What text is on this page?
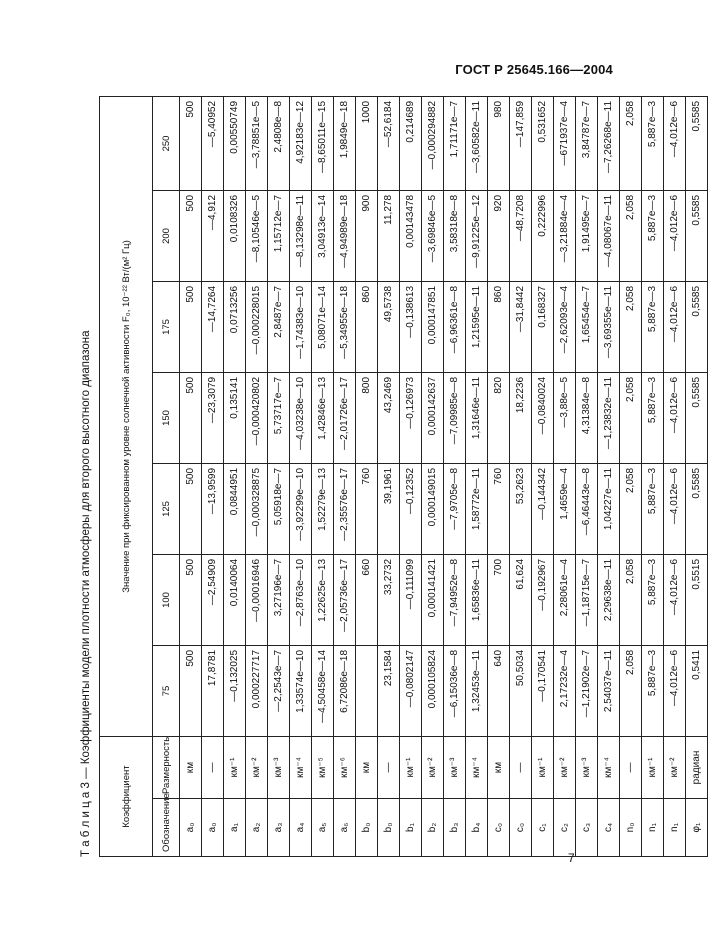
ГОСТ Р 25645.166—2004
Т а б л и ц а 3 — Коэффициенты модели плотности атмосферы для второго высотного диапазона	Коэффициент		Значение при фиксированном уровне солнечной активности F₀, 10⁻²² Вт/(м² Гц)						
Обозначение	Размерность	75	100	125	150	175	200	250
a₀	км	500	500	500	500	500	500	500
a₀	—	17,8781	—2,54909	—13,9599	—23,3079	—14,7264	—4,912	—5,40952
a₁	км⁻¹	—0,132025	0,0140064	0,0844951	0,135141	0,0713256	0,0108326	0,00550749
a₂	км⁻²	0,000227717	—0,00016946	—0,000328875	—0,000420802	—0,000228015	—8,10546e—5	—3,78851e—5
a₃	км⁻³	—2,2543e—7	3,27196e—7	5,05918e—7	5,73717e—7	2,8487e—7	1,15712e—7	2,4808e—8
a₄	км⁻⁴	1,33574e—10	—2,8763e—10	—3,92299e—10	—4,03238e—10	—1,74383e—10	—8,13298e—11	4,92183e—12
a₅	км⁻⁵	—4,50458e—14	1,22625e—13	1,52279e—13	1,42846e—13	5,08071e—14	3,04913e—14	—8,65011e—15
a₆	км⁻⁶	6,72086e—18	—2,05736e—17	—2,35576e—17	—2,01726e—17	—5,34955e—18	—4,94989e—18	1,9849e—18
b₀	км		660	760	800	860	900	1000
b₀	—	23,1584	33,2732	39,1961	43,2469	49,5738	11,278	—52,6184
b₁	км⁻¹	—0,0802147	—0,111099	—0,12352	—0,126973	—0,138613	0,00143478	0,214689
b₂	км⁻²	0,000105824	0,000141421	0,000149015	0,000142637	0,000147851	—3,69846e—5	—0,000294882
b₃	км⁻³	—6,15036e—8	—7,94952e—8	—7,9705e—8	—7,09985e—8	—6,96361e—8	3,58318e—8	1,71171e—7
b₄	км⁻⁴	1,32453e—11	1,65836e—11	1,58772e—11	1,31646e—11	1,21595e—11	—9,91225e—12	—3,60582e—11
c₀	км	640	700	760	820	860	920	980
c₀	—	50,5034	61,624	53,2623	18,2236	—31,8442	—48,7208	—147,859
c₁	км⁻¹	—0,170541	—0,192967	—0,144342	—0,0840024	0,168327	0,222996	0,531652
c₂	км⁻²	2,17232e—4	2,28061e—4	1,4659e—4	—3,88e—5	—2,62093e—4	—3,21884e—4	—671937e—4
c₃	км⁻³	—1,21902e—7	—1,18715e—7	—6,46443e—8	4,31384e—8	1,65454e—7	1,91495e—7	3,84787e—7
c₄	км⁻⁴	2,54037e—11	2,29638e—11	1,04227e—11	—1,23832e—11	—3,69355e—11	—4,08067e—11	—7,26268e—11
n₀	—	2,058	2,058	2,058	2,058	2,058	2,058	2,058
n₁	км⁻¹	5,887e—3	5,887e—3	5,887e—3	5,887e—3	5,887e—3	5,887e—3	5,887e—3
n₁	км⁻²	—4,012e—6	—4,012e—6	—4,012e—6	—4,012e—6	—4,012e—6	—4,012e—6	—4,012e—6
φ₁	радиан	0,5411	0,5515	0,5585	0,5585	0,5585	0,5585	0,5585
7
